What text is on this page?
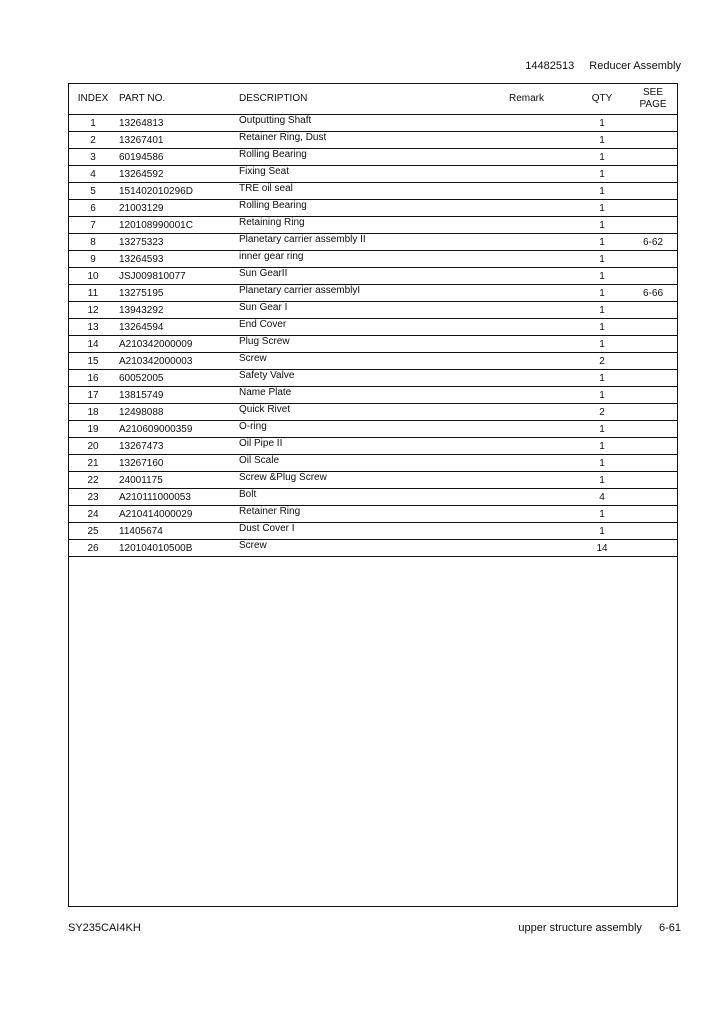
14482513 Reducer Assembly
INDEX	PART NO.	DESCRIPTION	Remark	QTY	SEE
PAGE
1	13264813	Outputting Shaft		1	
2	13267401	Retainer Ring, Dust		1	
3	60194586	Rolling Bearing		1	
4	13264592	Fixing Seat		1	
5	151402010296D	TRE oil seal		1	
6	21003129	Rolling Bearing		1	
7	120108990001C	Retaining Ring		1	
8	13275323	Planetary carrier assembly II		1	6-62
9	13264593	inner gear ring		1	
10	JSJ009810077	Sun GearII		1	
11	13275195	Planetary carrier assemblyI		1	6-66
12	13943292	Sun Gear I		1	
13	13264594	End Cover		1	
14	A210342000009	Plug Screw		1	
15	A210342000003	Screw		2	
16	60052005	Safety Valve		1	
17	13815749	Name Plate		1	
18	12498088	Quick Rivet		2	
19	A210609000359	O-ring		1	
20	13267473	Oil Pipe II		1	
21	13267160	Oil Scale		1	
22	24001175	Screw &Plug Screw		1	
23	A210111000053	Bolt		4	
24	A210414000029	Retainer Ring		1	
25	11405674	Dust Cover I		1	
26	120104010500B	Screw		14	
SY235CAI4KH	upper structure assembly 6-61
